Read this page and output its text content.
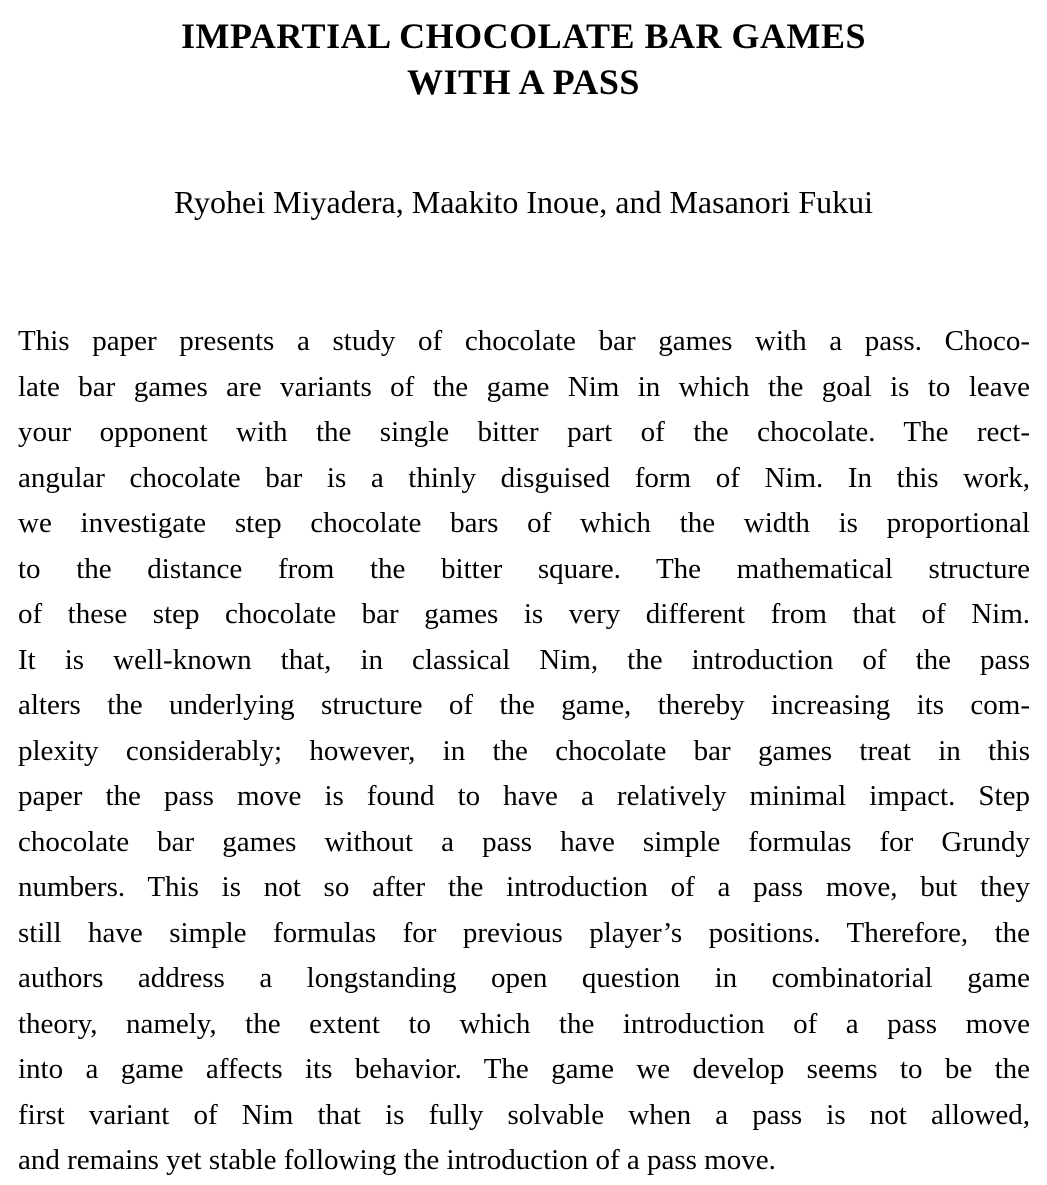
IMPARTIAL CHOCOLATE BAR GAMES
WITH A PASS
Ryohei Miyadera, Maakito Inoue, and Masanori Fukui
This paper presents a study of chocolate bar games with a pass. Choco-
late bar games are variants of the game Nim in which the goal is to leave
your opponent with the single bitter part of the chocolate. The rect-
angular chocolate bar is a thinly disguised form of Nim. In this work,
we investigate step chocolate bars of which the width is proportional
to the distance from the bitter square. The mathematical structure
of these step chocolate bar games is very different from that of Nim.
It is well-known that, in classical Nim, the introduction of the pass
alters the underlying structure of the game, thereby increasing its com-
plexity considerably; however, in the chocolate bar games treat in this
paper the pass move is found to have a relatively minimal impact. Step
chocolate bar games without a pass have simple formulas for Grundy
numbers. This is not so after the introduction of a pass move, but they
still have simple formulas for previous player’s positions. Therefore, the
authors address a longstanding open question in combinatorial game
theory, namely, the extent to which the introduction of a pass move
into a game affects its behavior. The game we develop seems to be the
first variant of Nim that is fully solvable when a pass is not allowed,
and remains yet stable following the introduction of a pass move.
